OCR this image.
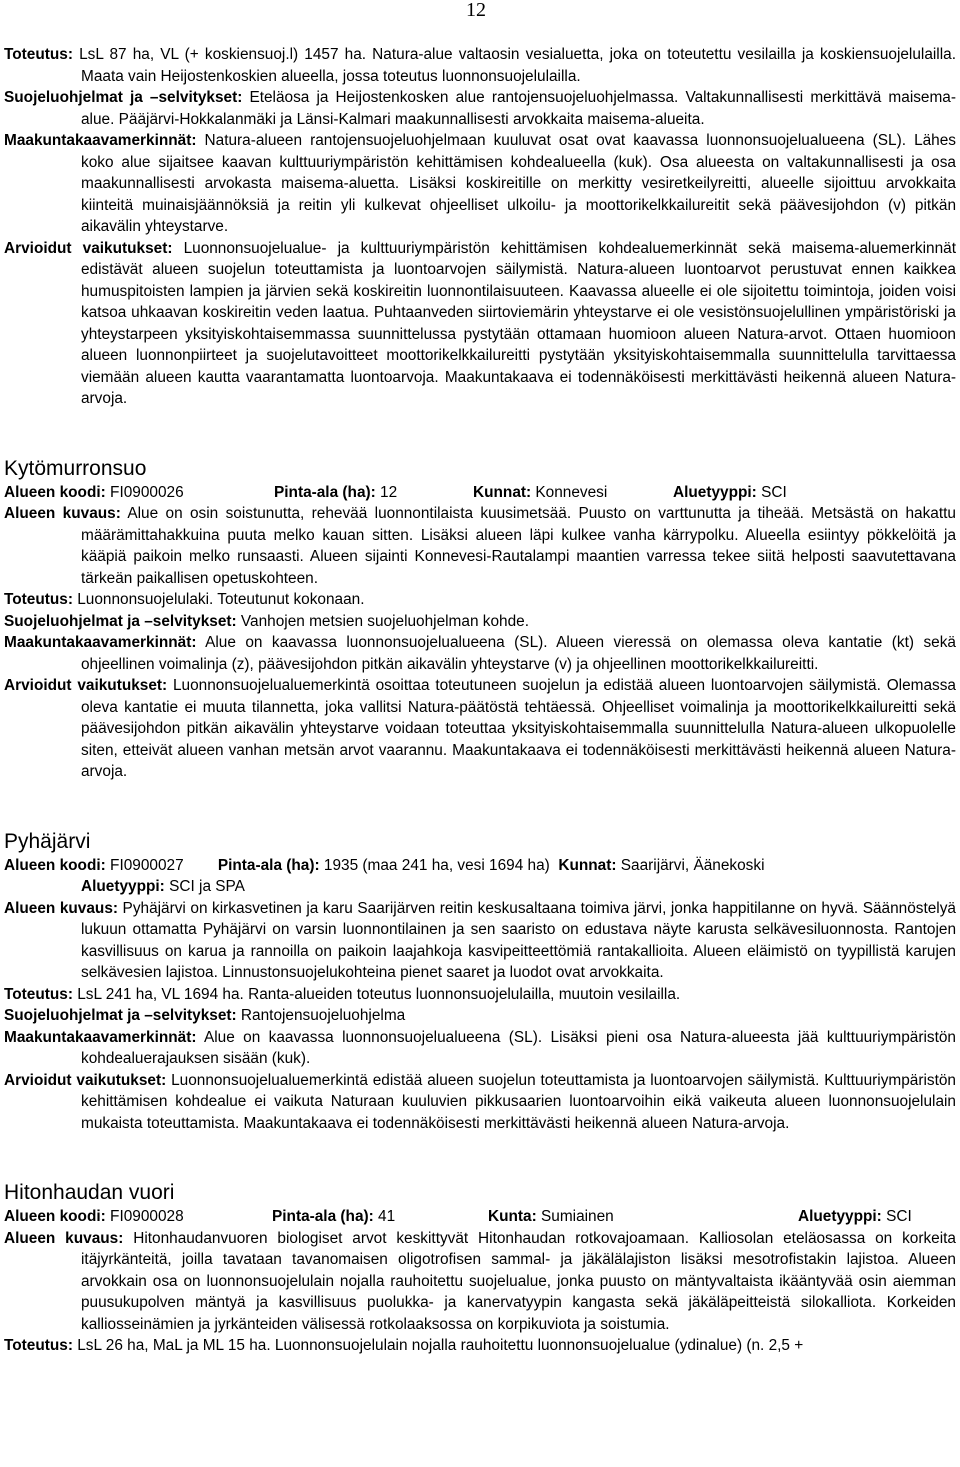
12

Toteutus: LsL 87 ha, VL (+ koskiensuoj.l) 1457 ha. Natura-alue valtaosin vesialuetta, joka on toteutettu vesilailla ja koskiensuojelulailla. Maata vain Heijostenkoskien alueella, jossa toteutus luonnonsuojelulailla.

Suojeluohjelmat ja –selvitykset: Eteläosa ja Heijostenkosken alue rantojensuojeluohjelmassa. Valtakunnallisesti merkittävä maisema-alue. Pääjärvi-Hokkalanmäki ja Länsi-Kalmari maakunnallisesti arvokkaita maisema-alueita.

Maakuntakaavamerkinnät: Natura-alueen rantojensuojeluohjelmaan kuuluvat osat ovat kaavassa luonnonsuojelualueena (SL). Lähes koko alue sijaitsee kaavan kulttuuriympäristön kehittämisen kohdealueella (kuk). Osa alueesta on valtakunnallisesti ja osa maakunnallisesti arvokasta maisema-aluetta. Lisäksi koskireitille on merkitty vesiretkeilyreitti, alueelle sijoittuu arvokkaita kiinteitä muinaisjäännöksiä ja reitin yli kulkevat ohjeelliset ulkoilu- ja moottorikelkkailureitit sekä päävesijohdon (v) pitkän aikavälin yhteystarve.

Arvioidut vaikutukset: Luonnonsuojelualue- ja kulttuuriympäristön kehittämisen kohdealuemerkinnät sekä maisema-aluemerkinnät edistävät alueen suojelun toteuttamista ja luontoarvojen säilymistä. Natura-alueen luontoarvot perustuvat ennen kaikkea humuspitoisten lampien ja järvien sekä koskireitin luonnontilaisuuteen. Kaavassa alueelle ei ole sijoitettu toimintoja, joiden voisi katsoa uhkaavan koskireitin veden laatua. Puhtaanveden siirtoviemärin yhteystarve ei ole vesistönsuojelullinen ympäristöriski ja yhteystarpeen yksityiskohtaisemmassa suunnittelussa pystytään ottamaan huomioon alueen Natura-arvot. Ottaen huomioon alueen luonnonpiirteet ja suojelutavoitteet moottorikelkkailureitti pystytään yksityiskohtaisemmalla suunnittelulla tarvittaessa viemään alueen kautta vaarantamatta luontoarvoja. Maakuntakaava ei todennäköisesti merkittävästi heikennä alueen Natura-arvoja.

Kytömurronsuo
Alueen koodi: FI0900026	Pinta-ala (ha): 12	Kunnat: Konnevesi	Aluetyyppi: SCI

Alueen kuvaus: Alue on osin soistunutta, rehevää luonnontilaista kuusimetsää. Puusto on varttunutta ja tiheää. Metsästä on hakattu määrämittahakkuina puuta melko kauan sitten. Lisäksi alueen läpi kulkee vanha kärrypolku. Alueella esiintyy pökkelöitä ja kääpiä paikoin melko runsaasti. Alueen sijainti Konnevesi-Rautalampi maantien varressa tekee siitä helposti saavutettavana tärkeän paikallisen opetuskohteen.

Toteutus: Luonnonsuojelulaki. Toteutunut kokonaan.

Suojeluohjelmat ja –selvitykset: Vanhojen metsien suojeluohjelman kohde.

Maakuntakaavamerkinnät: Alue on kaavassa luonnonsuojelualueena (SL). Alueen vieressä on olemassa oleva kantatie (kt) sekä ohjeellinen voimalinja (z), päävesijohdon pitkän aikavälin yhteystarve (v) ja ohjeellinen moottorikelkkailureitti.

Arvioidut vaikutukset: Luonnonsuojelualuemerkintä osoittaa toteutuneen suojelun ja edistää alueen luontoarvojen säilymistä. Olemassa oleva kantatie ei muuta tilannetta, joka vallitsi Natura-päätöstä tehtäessä. Ohjeelliset voimalinja ja moottorikelkkailureitti sekä päävesijohdon pitkän aikavälin yhteystarve voidaan toteuttaa yksityiskohtaisemmalla suunnittelulla Natura-alueen ulkopuolelle siten, etteivät alueen vanhan metsän arvot vaarannu. Maakuntakaava ei todennäköisesti merkittävästi heikennä alueen Natura-arvoja.

Pyhäjärvi

Alueen koodi: FI0900027 Pinta-ala (ha): 1935 (maa 241 ha, vesi 1694 ha) Kunnat: Saarijärvi, Äänekoski
Aluetyyppi: SCI ja SPA

Alueen kuvaus: Pyhäjärvi on kirkasvetinen ja karu Saarijärven reitin keskusaltaana toimiva järvi, jonka happitilanne on hyvä. Säännöstelyä lukuun ottamatta Pyhäjärvi on varsin luonnontilainen ja sen saaristo on edustava näyte karusta selkävesiluonnosta. Rantojen kasvillisuus on karua ja rannoilla on paikoin laajahkoja kasvipeitteettömiä rantakallioita. Alueen eläimistö on tyypillistä karujen selkävesien lajistoa. Linnustonsuojelukohteina pienet saaret ja luodot ovat arvokkaita.

Toteutus: LsL 241 ha, VL 1694 ha. Ranta-alueiden toteutus luonnonsuojelulailla, muutoin vesilailla.

Suojeluohjelmat ja –selvitykset: Rantojensuojeluohjelma

Maakuntakaavamerkinnät: Alue on kaavassa luonnonsuojelualueena (SL). Lisäksi pieni osa Natura-alueesta jää kulttuuriympäristön kohdealuerajauksen sisään (kuk).

Arvioidut vaikutukset: Luonnonsuojelualuemerkintä edistää alueen suojelun toteuttamista ja luontoarvojen säilymistä. Kulttuuriympäristön kehittämisen kohdealue ei vaikuta Naturaan kuuluvien pikkusaarien luontoarvoihin eikä vaikeuta alueen luonnonsuojelulain mukaista toteuttamista. Maakuntakaava ei todennäköisesti merkittävästi heikennä alueen Natura-arvoja.

Hitonhaudan vuori
Alueen koodi: FI0900028	Pinta-ala (ha): 41	Kunta: Sumiainen	Aluetyyppi: SCI

Alueen kuvaus: Hitonhaudanvuoren biologiset arvot keskittyvät Hitonhaudan rotkovajoamaan. Kalliosolan eteläosassa on korkeita itäjyrkänteitä, joilla tavataan tavanomaisen oligotrofisen sammal- ja jäkälälajiston lisäksi mesotrofistakin lajistoa. Alueen arvokkain osa on luonnonsuojelulain nojalla rauhoitettu suojelualue, jonka puusto on mäntyvaltaista ikääntyvää osin aiemman puusukupolven mäntyä ja kasvillisuus puolukka- ja kanervatyypin kangasta sekä jäkäläpeitteistä silokalliota. Korkeiden kalliosseinämien ja jyrkänteiden välisessä rotkolaaksossa on korpikuviota ja soistumia.

Toteutus: LsL 26 ha, MaL ja ML 15 ha. Luonnonsuojelulain nojalla rauhoitettu luonnonsuojelualue (ydinalue) (n. 2,5 +
